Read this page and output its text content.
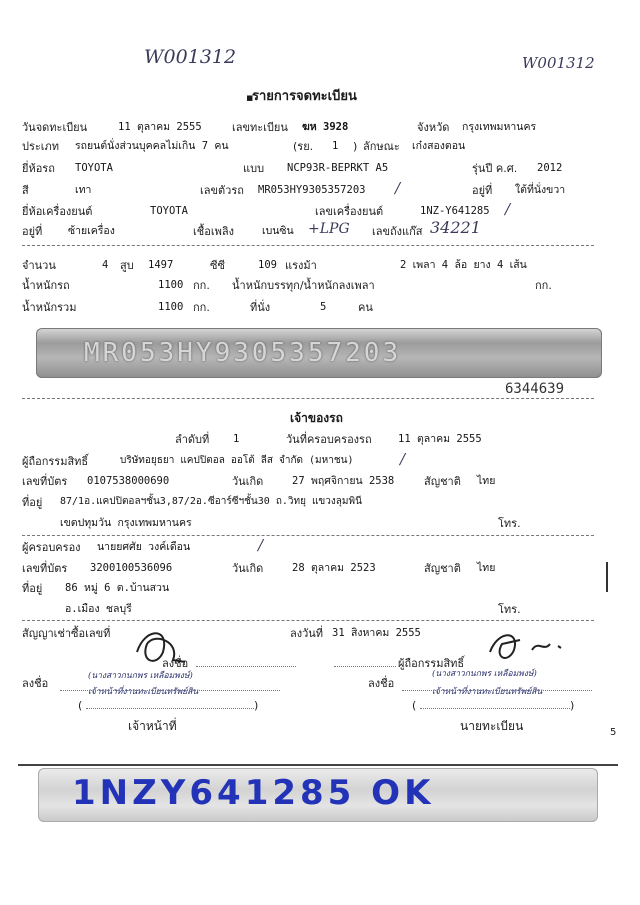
W001312	W001312
รายการจดทะเบียน
▪
วันจดทะเบียน	11 ตุลาคม 2555	เลขทะเบียน ฆห 3928	จังหวัด กรุงเทพมหานคร
ประเภท รถยนต์นั่งส่วนบุคคลไม่เกิน 7 คน	(รย. 1 ) ลักษณะ เก๋งสองตอน
ยี่ห้อรถ TOYOTA	แบบ NCP93R-BEPRKT A5	รุ่นปี ค.ศ. 2012
สี	เทา	เลขตัวรถ MR053HY9305357203 /	อยู่ที่ ใต้ที่นั่งขวา
ยี่ห้อเครื่องยนต์	TOYOTA	เลขเครื่องยนต์	1NZ-Y641285 /
อยู่ที่ ซ้ายเครื่อง	เชื้อเพลิง	เบนซิน +LPG เลขถังแก๊ส 34221
จำนวน	4 สูบ 1497	ซีซี	109 แรงม้า	2 เพลา 4 ล้อ ยาง 4 เส้น
น้ำหนักรถ	1100 กก. น้ำหนักบรรทุก/น้ำหนักลงเพลา	กก.
น้ำหนักรวม	1100 กก.	ที่นั่ง	5	คน
MR053HY9305357203
6344639
เจ้าของรถ
ลำดับที่ 1	วันที่ครอบครองรถ	11 ตุลาคม 2555
ผู้ถือกรรมสิทธิ์	บริษัทอยุธยา แคปปิตอล ออโต้ ลีส จำกัด (มหาชน)	/
เลขที่บัตร 0107538000690	วันเกิด	27 พฤศจิกายน 2538	สัญชาติ ไทย
ที่อยู่ 87/1อ.แคปปิตอลฯชั้น3,87/2อ.ซีอาร์ซีฯชั้น30 ถ.วิทยุ แขวงลุมพินี
เขตปทุมวัน กรุงเทพมหานคร	โทร.
ผู้ครอบครอง นายยศศัย วงค์เดือน	/
เลขที่บัตร 3200100536096	วันเกิด	28 ตุลาคม 2523	สัญชาติ ไทย
ที่อยู่ 86 หมู่ 6 ต.บ้านสวน
อ.เมือง ชลบุรี	โทร.
สัญญาเช่าซื้อเลขที่	ลงวันที่ 31 สิงหาคม 2555
ลงชื่อ	ผู้ถือกรรมสิทธิ์
ลงชื่อ	ลงชื่อ
(นางสาวกนกพร เหลือมพงษ์)
เจ้าหน้าที่งานทะเบียนทรัพย์สิน
(นางสาวกนกพร เหลือมพงษ์)
เจ้าหน้าที่งานทะเบียนทรัพย์สิน
(	)	(	)
เจ้าหน้าที่	นายทะเบียน	5
1NZY641285 OK
